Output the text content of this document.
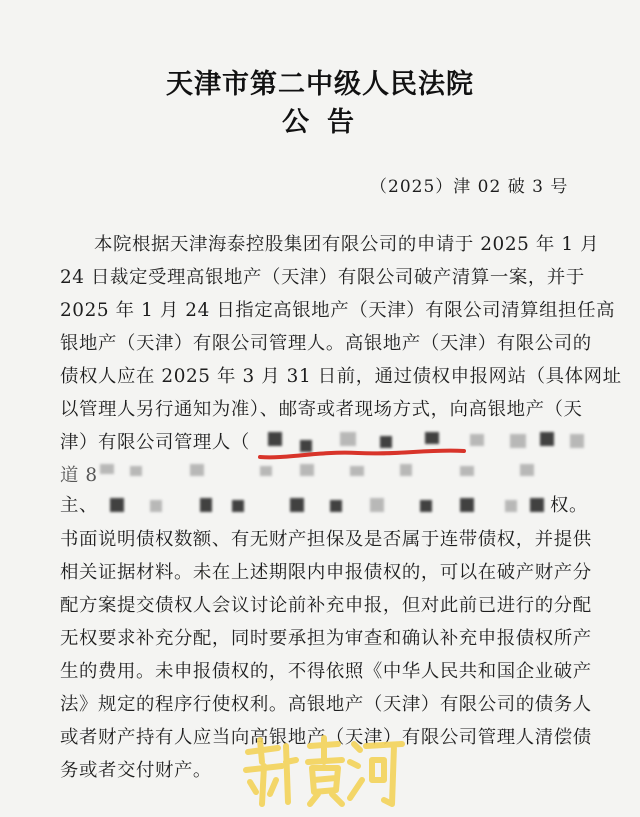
天津市第二中级人民法院
公告
（2025）津 02 破 3 号
本院根据天津海泰控股集团有限公司的申请于 2025 年 1 月
24 日裁定受理高银地产（天津）有限公司破产清算一案，并于
2025 年 1 月 24 日指定高银地产（天津）有限公司清算组担任高
银地产（天津）有限公司管理人。高银地产（天津）有限公司的
债权人应在 2025 年 3 月 31 日前，通过债权申报网站（具体网址
以管理人另行通知为准）、邮寄或者现场方式，向高银地产（天
津）有限公司管理人（
道 8
主、	权。
书面说明债权数额、有无财产担保及是否属于连带债权，并提供
相关证据材料。未在上述期限内申报债权的，可以在破产财产分
配方案提交债权人会议讨论前补充申报，但对此前已进行的分配
无权要求补充分配，同时要承担为审查和确认补充申报债权所产
生的费用。未申报债权的，不得依照《中华人民共和国企业破产
法》规定的程序行使权利。高银地产（天津）有限公司的债务人
或者财产持有人应当向高银地产（天津）有限公司管理人清偿债
务或者交付财产。
